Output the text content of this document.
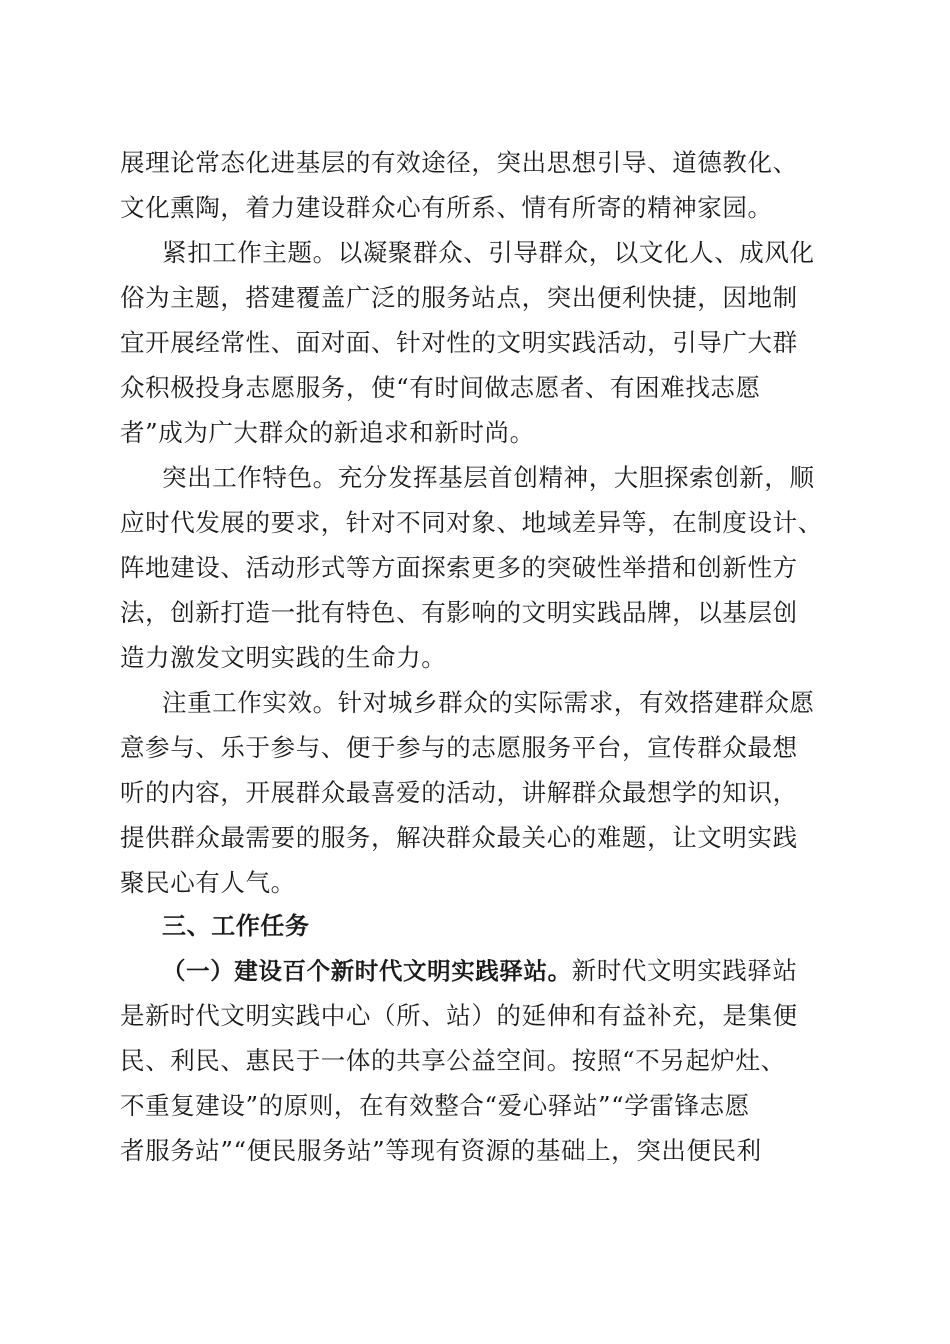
展理论常态化进基层的有效途径，突出思想引导、道德教化、
文化熏陶，着力建设群众心有所系、情有所寄的精神家园。
紧扣工作主题。以凝聚群众、引导群众，以文化人、成风化
俗为主题，搭建覆盖广泛的服务站点，突出便利快捷，因地制
宜开展经常性、面对面、针对性的文明实践活动，引导广大群
众积极投身志愿服务，使“有时间做志愿者、有困难找志愿
者”成为广大群众的新追求和新时尚。
突出工作特色。充分发挥基层首创精神，大胆探索创新，顺
应时代发展的要求，针对不同对象、地域差异等，在制度设计、
阵地建设、活动形式等方面探索更多的突破性举措和创新性方
法，创新打造一批有特色、有影响的文明实践品牌，以基层创
造力激发文明实践的生命力。
注重工作实效。针对城乡群众的实际需求，有效搭建群众愿
意参与、乐于参与、便于参与的志愿服务平台，宣传群众最想
听的内容，开展群众最喜爱的活动，讲解群众最想学的知识，
提供群众最需要的服务，解决群众最关心的难题，让文明实践
聚民心有人气。
三、工作任务
（一）建设百个新时代文明实践驿站。新时代文明实践驿站
是新时代文明实践中心（所、站）的延伸和有益补充，是集便
民、利民、惠民于一体的共享公益空间。按照“不另起炉灶、
不重复建设”的原则，在有效整合“爱心驿站”“学雷锋志愿
者服务站”“便民服务站”等现有资源的基础上，突出便民利
